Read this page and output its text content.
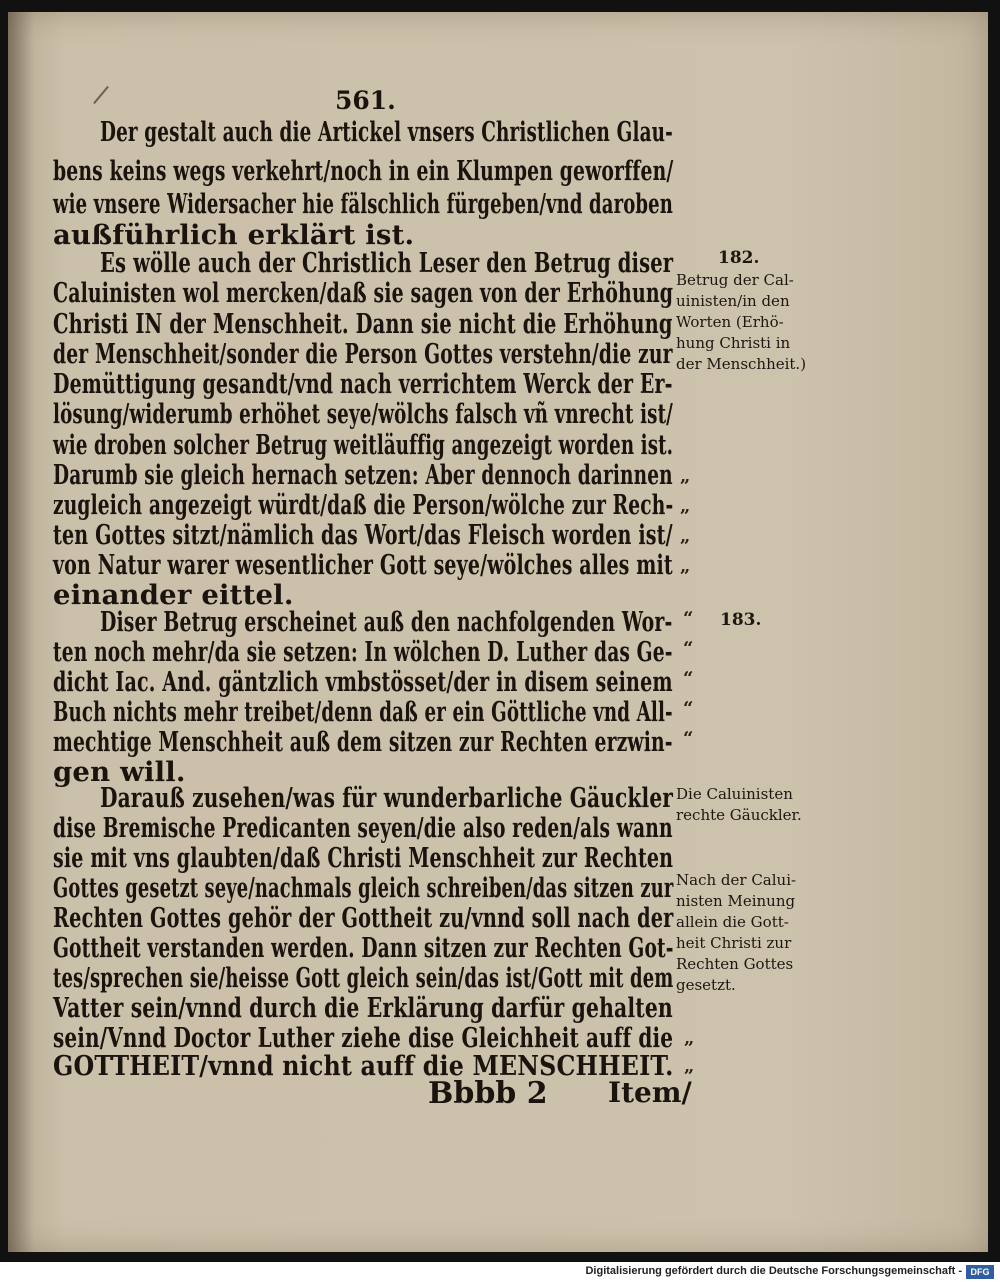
561.
Der gestalt auch die Artickel vnsers Christlichen Glau-
bens keins wegs verkehrt/noch in ein Klumpen geworffen/
wie vnsere Widersacher hie fälschlich fürgeben/vnd daroben
außführlich erklärt ist.
Es wölle auch der Christlich Leser den Betrug diser
Caluinisten wol mercken/daß sie sagen von der Erhöhung
Christi IN der Menschheit. Dann sie nicht die Erhöhung
der Menschheit/sonder die Person Gottes verstehn/die zur
Demüttigung gesandt/vnd nach verrichtem Werck der Er-
lösung/widerumb erhöhet seye/wölchs falsch vñ vnrecht ist/
wie droben solcher Betrug weitläuffig angezeigt worden ist.
Darumb sie gleich hernach setzen: Aber dennoch darinnen
zugleich angezeigt würdt/daß die Person/wölche zur Rech-
ten Gottes sitzt/nämlich das Wort/das Fleisch worden ist/
von Natur warer wesentlicher Gott seye/wölches alles mit
einander eittel.
Diser Betrug erscheinet auß den nachfolgenden Wor-
ten noch mehr/da sie setzen: In wölchen D. Luther das Ge-
dicht Iac. And. gäntzlich vmbstösset/der in disem seinem
Buch nichts mehr treibet/denn daß er ein Göttliche vnd All-
mechtige Menschheit auß dem sitzen zur Rechten erzwin-
gen will.
Darauß zusehen/was für wunderbarliche Gäuckler
dise Bremische Predicanten seyen/die also reden/als wann
sie mit vns glaubten/daß Christi Menschheit zur Rechten
Gottes gesetzt seye/nachmals gleich schreiben/das sitzen zur
Rechten Gottes gehör der Gottheit zu/vnnd soll nach der
Gottheit verstanden werden. Dann sitzen zur Rechten Got-
tes/sprechen sie/heisse Gott gleich sein/das ist/Gott mit dem
Vatter sein/vnnd durch die Erklärung darfür gehalten
sein/Vnnd Doctor Luther ziehe dise Gleichheit auff die
GOTTHEIT/vnnd nicht auff die MENSCHHEIT.
„
„
„
„
“
“
“
“
“
„
„
182.
Betrug der Cal-
uinisten/in den
Worten (Erhö-
hung Christi in
der Menschheit.)
183.
Die Caluinisten
rechte Gäuckler.
Nach der Calui-
nisten Meinung
allein die Gott-
heit Christi zur
Rechten Gottes
gesetzt.
Bbbb 2 Item/
Digitalisierung gefördert durch die Deutsche Forschungsgemeinschaft - DFG
